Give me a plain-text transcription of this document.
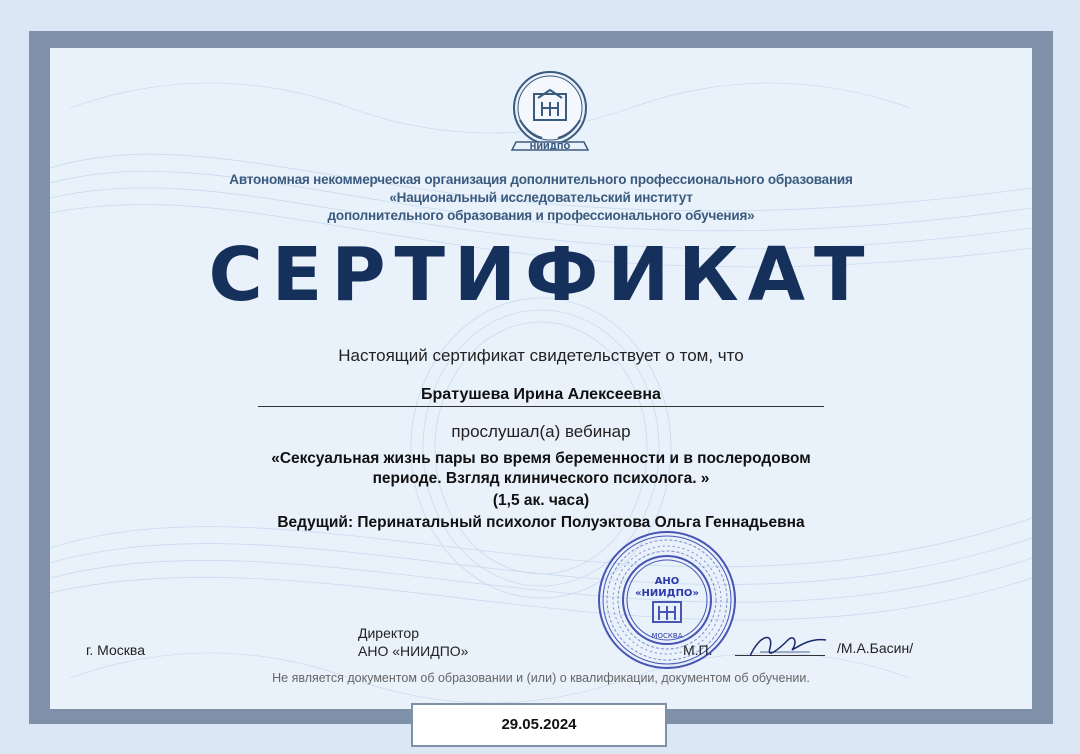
НИИДПО
Автономная некоммерческая организация дополнительного профессионального образования
«Национальный исследовательский институт
дополнительного образования и профессионального обучения»
СЕРТИФИКАТ
Настоящий сертификат свидетельствует о том, что
Братушева Ирина Алексеевна
прослушал(а) вебинар
«Сексуальная жизнь пары во время беременности и в послеродовом
периоде. Взгляд клинического психолога. »
(1,5 ак. часа)
Ведущий: Перинатальный психолог Полуэктова Ольга Геннадьевна
АНО
«НИИДПО»
МОСКВА
г. Москва
Директор
АНО «НИИДПО»	М.П.	/М.А.Басин/
Не является документом об образовании и (или) о квалификации, документом об обучении.
29.05.2024
